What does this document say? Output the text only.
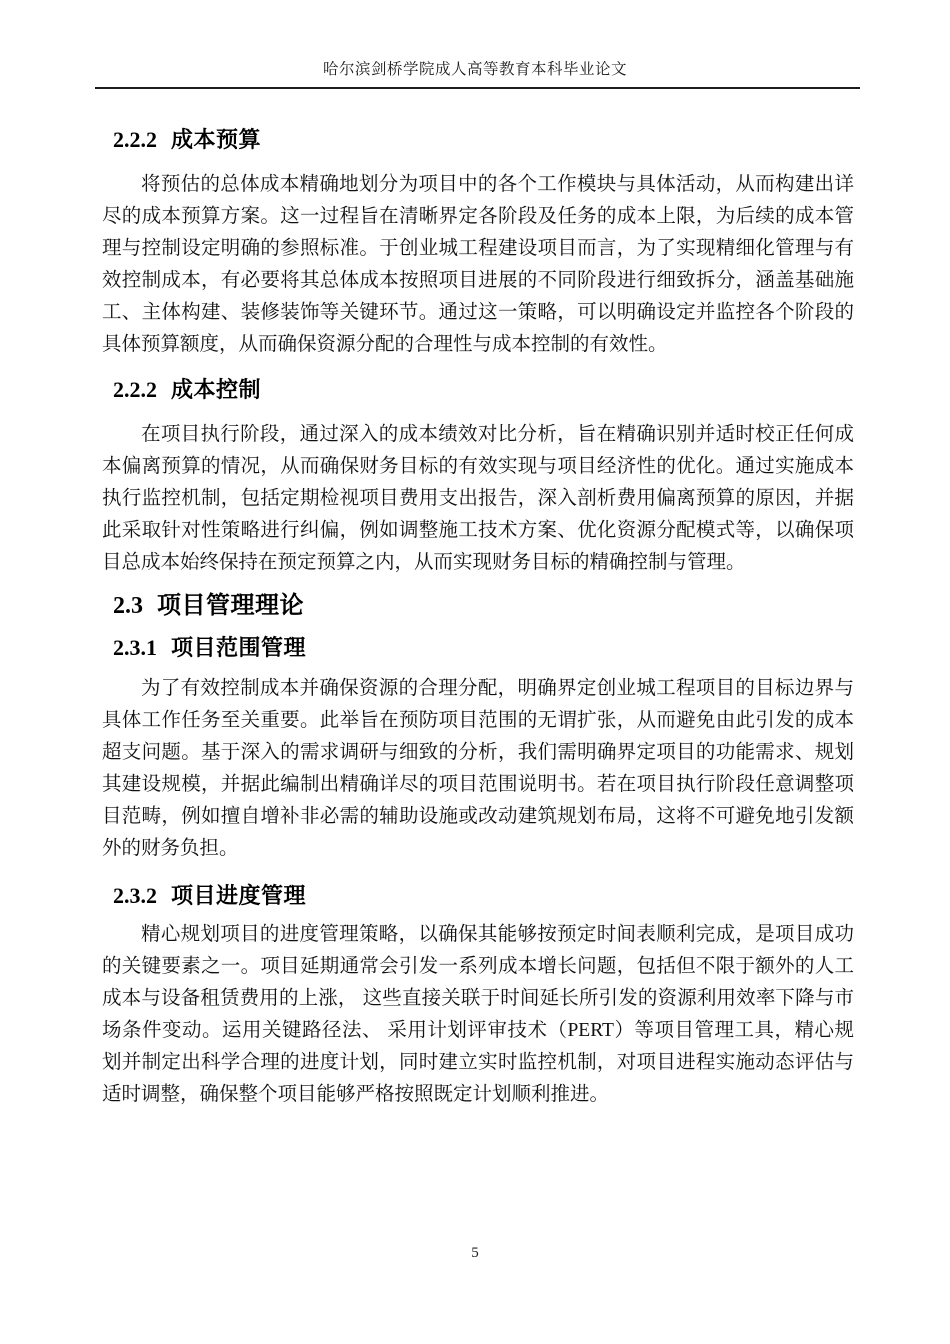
哈尔滨剑桥学院成人高等教育本科毕业论文
2.2.2 成本预算

将预估的总体成本精确地划分为项目中的各个工作模块与具体活动，从而构建出详尽的成本预算方案。这一过程旨在清晰界定各阶段及任务的成本上限，为后续的成本管理与控制设定明确的参照标准。于创业城工程建设项目而言，为了实现精细化管理与有效控制成本，有必要将其总体成本按照项目进展的不同阶段进行细致拆分，涵盖基础施工、主体构建、装修装饰等关键环节。通过这一策略，可以明确设定并监控各个阶段的具体预算额度，从而确保资源分配的合理性与成本控制的有效性。

2.2.2 成本控制

在项目执行阶段，通过深入的成本绩效对比分析，旨在精确识别并适时校正任何成本偏离预算的情况，从而确保财务目标的有效实现与项目经济性的优化。通过实施成本执行监控机制，包括定期检视项目费用支出报告，深入剖析费用偏离预算的原因，并据此采取针对性策略进行纠偏，例如调整施工技术方案、优化资源分配模式等，以确保项目总成本始终保持在预定预算之内，从而实现财务目标的精确控制与管理。

2.3 项目管理理论
2.3.1 项目范围管理

为了有效控制成本并确保资源的合理分配，明确界定创业城工程项目的目标边界与具体工作任务至关重要。此举旨在预防项目范围的无谓扩张，从而避免由此引发的成本超支问题。基于深入的需求调研与细致的分析，我们需明确界定项目的功能需求、规划其建设规模，并据此编制出精确详尽的项目范围说明书。若在项目执行阶段任意调整项目范畴，例如擅自增补非必需的辅助设施或改动建筑规划布局，这将不可避免地引发额外的财务负担。

2.3.2 项目进度管理

精心规划项目的进度管理策略，以确保其能够按预定时间表顺利完成，是项目成功的关键要素之一。项目延期通常会引发一系列成本增长问题，包括但不限于额外的人工成本与设备租赁费用的上涨， 这些直接关联于时间延长所引发的资源利用效率下降与市场条件变动。运用关键路径法、 采用计划评审技术（PERT）等项目管理工具，精心规划并制定出科学合理的进度计划，同时建立实时监控机制，对项目进程实施动态评估与适时调整，确保整个项目能够严格按照既定计划顺利推进。

5
